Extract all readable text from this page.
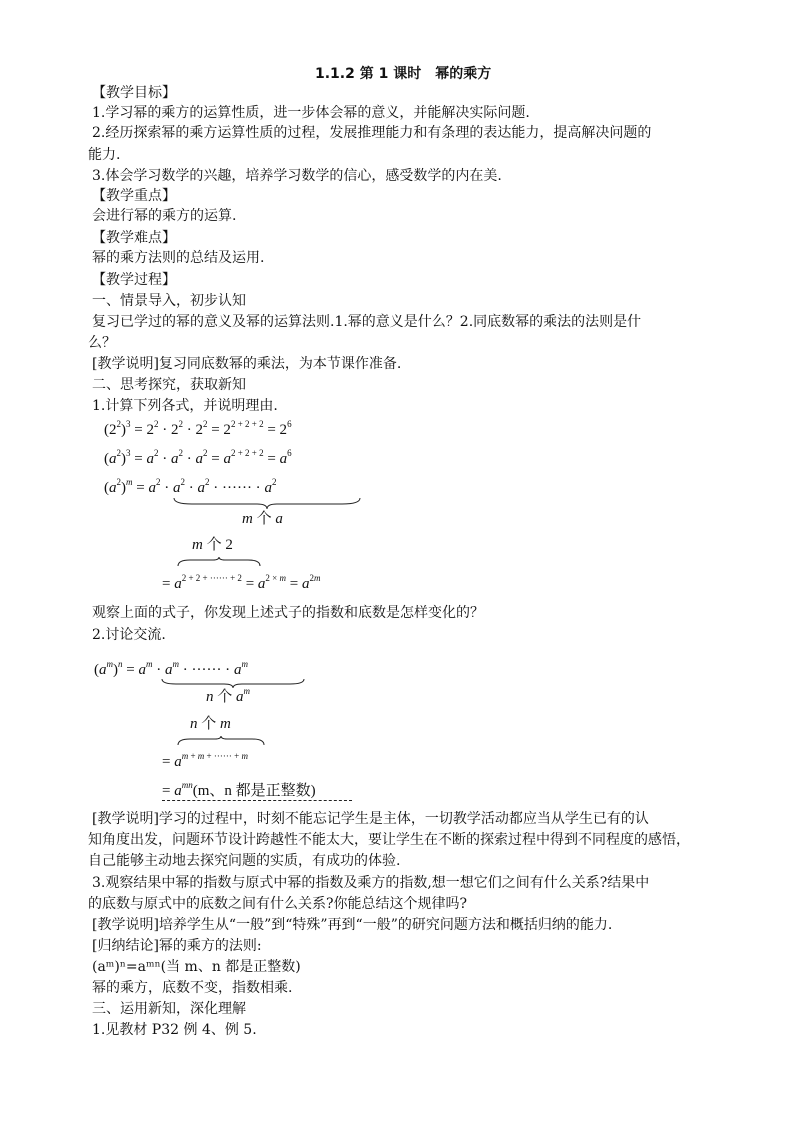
1.1.2 第 1 课时　幂的乘方
【教学目标】
1.学习幂的乘方的运算性质，进一步体会幂的意义，并能解决实际问题.
2.经历探索幂的乘方运算性质的过程，发展推理能力和有条理的表达能力，提高解决问题的
能力.
3.体会学习数学的兴趣，培养学习数学的信心，感受数学的内在美.
【教学重点】
会进行幂的乘方的运算.
【教学难点】
幂的乘方法则的总结及运用.
【教学过程】
一、情景导入，初步认知
复习已学过的幂的意义及幂的运算法则.1.幂的意义是什么？2.同底数幂的乘法的法则是什
么？
[教学说明]复习同底数幂的乘法，为本节课作准备.
二、思考探究，获取新知
1.计算下列各式，并说明理由.
$(2^2)^3 = 2^2 \cdot 2^2 \cdot 2^2 = 2^{2 + 2 + 2} = 2^6$
$(a^2)^3 = a^2 \cdot a^2 \cdot a^2 = a^{2 + 2 + 2} = a^6$
$(a^2)^m = a^2 \cdot a^2 \cdot a^2$ · ······ · $a^2$
m 个 a
m 个 2
= $a^{2 + 2 + \cdot\cdot\cdot\cdot\cdot\cdot + 2} = a^{2 \times m} = a^{2m}$
观察上面的式子，你发现上述式子的指数和底数是怎样变化的？
2.讨论交流.
$(a^m)^n = a^m \cdot a^m$ · ······ · $a^m$
n 个 $a^m$
n 个 m
= $a^{m + m + \cdot\cdot\cdot\cdot\cdot\cdot + m}$
= $a^{mn}(m$、n 都是正整数)
[教学说明]学习的过程中，时刻不能忘记学生是主体，一切教学活动都应当从学生已有的认
知角度出发，问题环节设计跨越性不能太大，要让学生在不断的探索过程中得到不同程度的感悟，
自己能够主动地去探究问题的实质，有成功的体验.
3.观察结果中幂的指数与原式中幂的指数及乘方的指数,想一想它们之间有什么关系?结果中
的底数与原式中的底数之间有什么关系?你能总结这个规律吗?
[教学说明]培养学生从“一般”到“特殊”再到“一般”的研究问题方法和概括归纳的能力.
[归纳结论]幂的乘方的法则:
(aᵐ)ⁿ=aᵐⁿ(当 m、n 都是正整数)
幂的乘方，底数不变，指数相乘.
三、运用新知，深化理解
1.见教材 P32 例 4、例 5.
